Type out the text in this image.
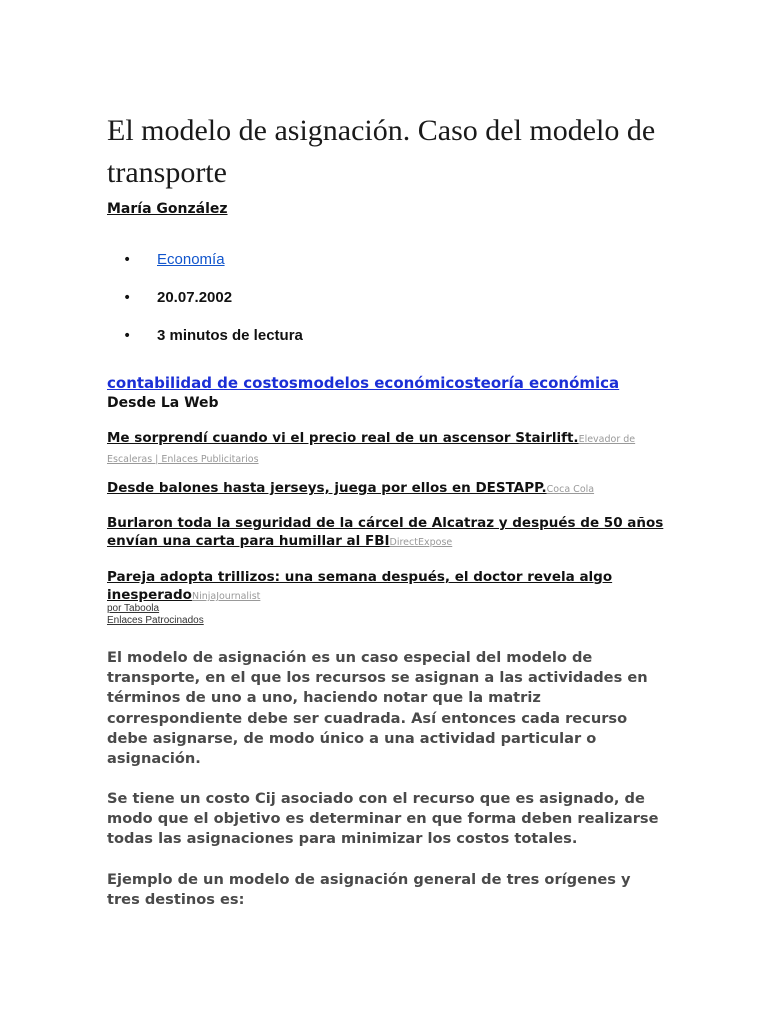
El modelo de asignación. Caso del modelo de transporte
María González
• Economía
• 20.07.2002
• 3 minutos de lectura
contabilidad de costosmodelos económicosteoría económica
Desde La Web
Me sorprendí cuando vi el precio real de un ascensor Stairlift.Elevador de Escaleras | Enlaces Publicitarios
Desde balones hasta jerseys, juega por ellos en DESTAPP.Coca Cola
Burlaron toda la seguridad de la cárcel de Alcatraz y después de 50 años envían una carta para humillar al FBIDirectExpose
Pareja adopta trillizos: una semana después, el doctor revela algo inesperadoNinjaJournalist
por Taboola
Enlaces Patrocinados

El modelo de asignación es un caso especial del modelo de transporte, en el que los recursos se asignan a las actividades en términos de uno a uno, haciendo notar que la matriz correspondiente debe ser cuadrada. Así entonces cada recurso debe asignarse, de modo único a una actividad particular o asignación.

Se tiene un costo Cij asociado con el recurso que es asignado, de modo que el objetivo es determinar en que forma deben realizarse todas las asignaciones para minimizar los costos totales.

Ejemplo de un modelo de asignación general de tres orígenes y tres destinos es:
